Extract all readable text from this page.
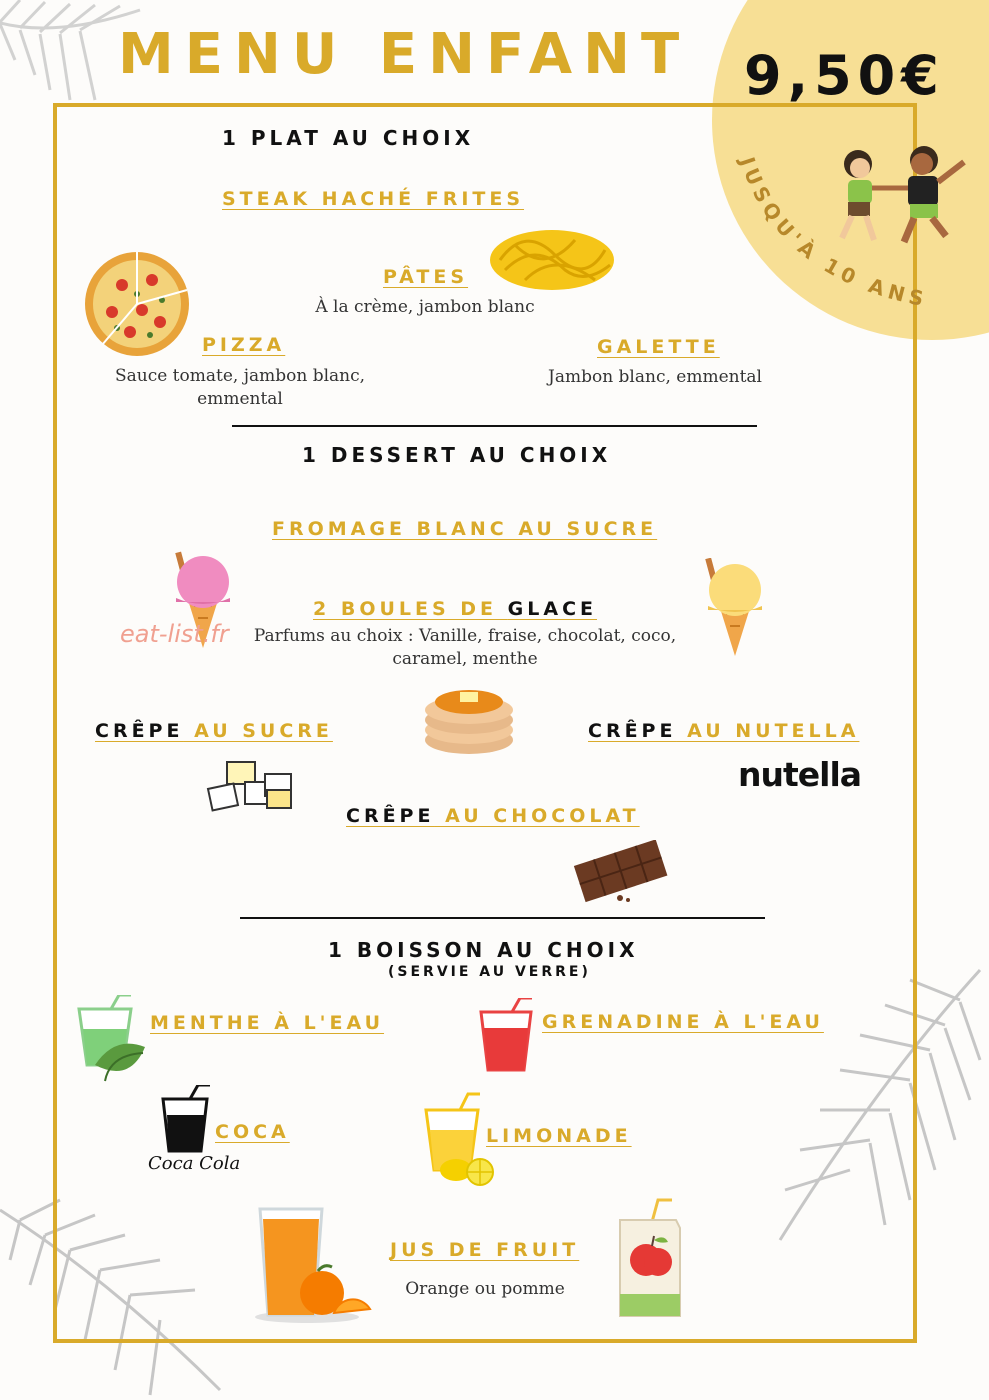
MENU ENFANT 9,50€
JUSQU'À 10 ANS
1 PLAT AU CHOIX
STEAK HACHÉ FRITES
PÂTES
À la crème, jambon blanc
PIZZA
Sauce tomate, jambon blanc,
emmental
GALETTE
Jambon blanc, emmental
1 DESSERT AU CHOIX
FROMAGE BLANC AU SUCRE
2 BOULES DE GLACE
eat-list.fr	Parfums au choix : Vanille, fraise, chocolat, coco,
caramel, menthe
CRÊPE AU SUCRE	CRÊPE AU NUTELLA
nutella
CRÊPE AU CHOCOLAT
1 BOISSON AU CHOIX
(SERVIE AU VERRE)
MENTHE À L'EAU	GRENADINE À L'EAU
COCA
Coca Cola
LIMONADE
JUS DE FRUIT
Orange ou pomme
